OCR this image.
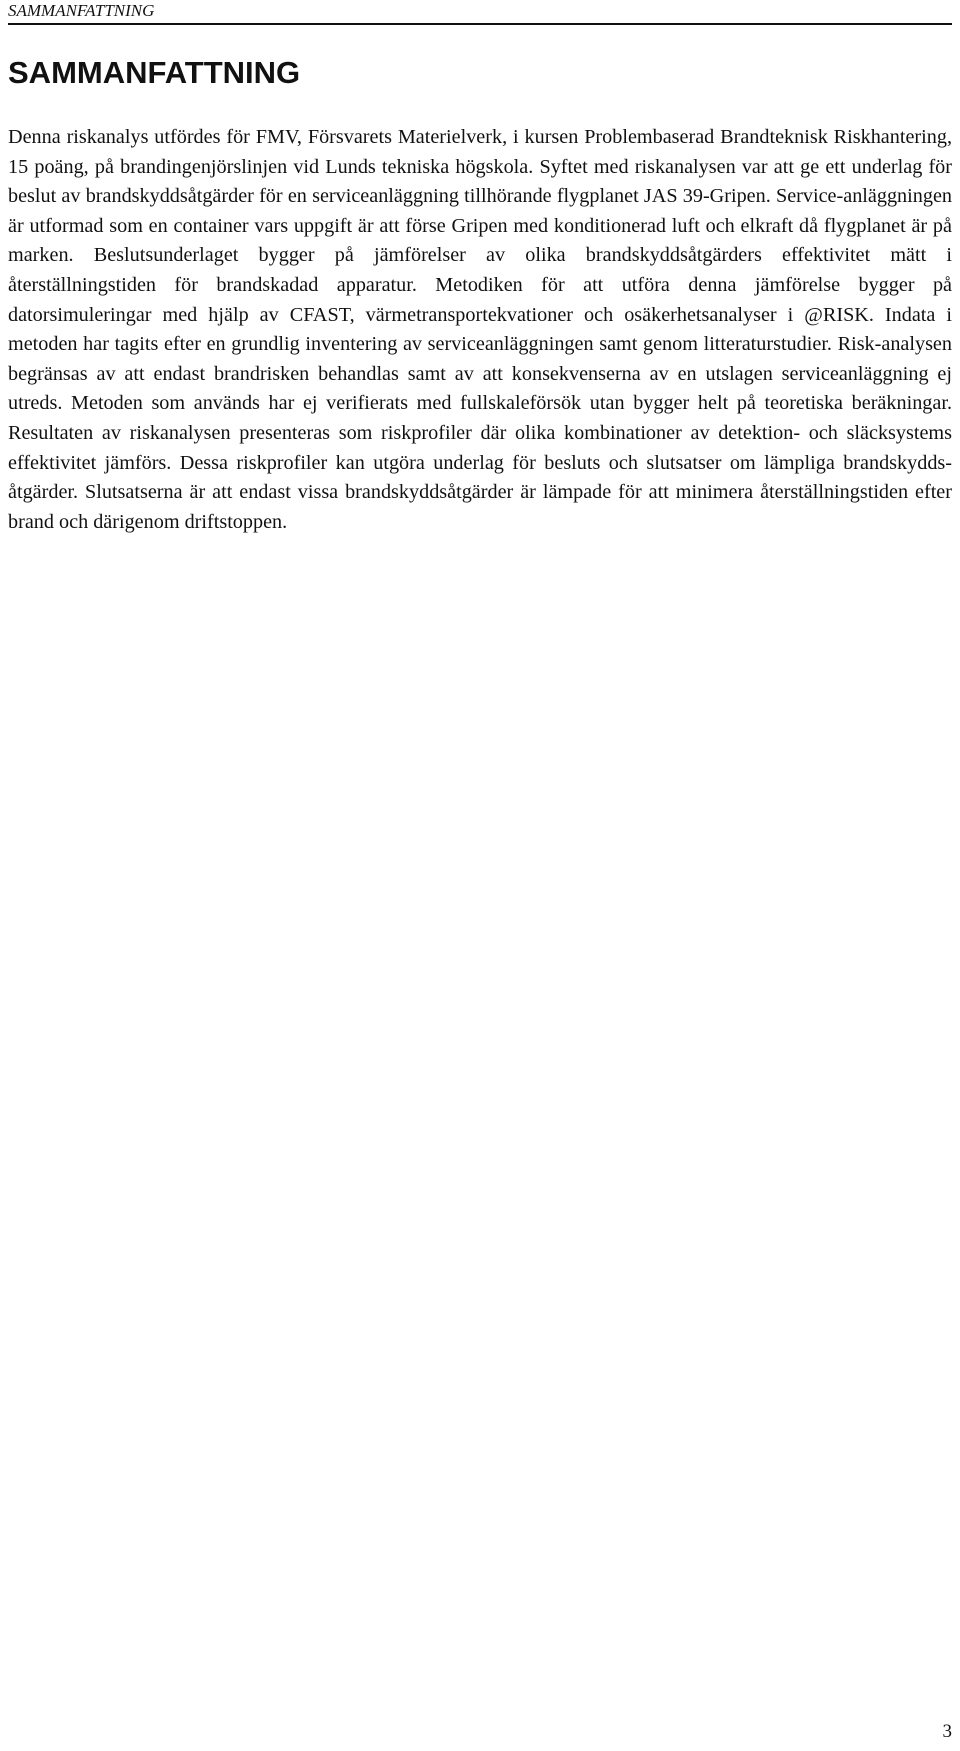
SAMMANFATTNING
SAMMANFATTNING

Denna riskanalys utfördes för FMV, Försvarets Materielverk, i kursen Problembaserad Brandteknisk Riskhantering, 15 poäng, på brandingenjörslinjen vid Lunds tekniska högskola. Syftet med riskanalysen var att ge ett underlag för beslut av brandskyddsåtgärder för en serviceanläggning tillhörande flygplanet JAS 39-Gripen. Service-anläggningen är utformad som en container vars uppgift är att förse Gripen med konditionerad luft och elkraft då flygplanet är på marken. Beslutsunderlaget bygger på jämförelser av olika brandskyddsåtgärders effektivitet mätt i återställningstiden för brandskadad apparatur. Metodiken för att utföra denna jämförelse bygger på datorsimuleringar med hjälp av CFAST, värmetransportekvationer och osäkerhetsanalyser i @RISK. Indata i metoden har tagits efter en grundlig inventering av serviceanläggningen samt genom litteraturstudier. Risk-analysen begränsas av att endast brandrisken behandlas samt av att konsekvenserna av en utslagen serviceanläggning ej utreds. Metoden som används har ej verifierats med fullskaleförsök utan bygger helt på teoretiska beräkningar. Resultaten av riskanalysen presenteras som riskprofiler där olika kombinationer av detektion- och släcksystems effektivitet jämförs. Dessa riskprofiler kan utgöra underlag för besluts och slutsatser om lämpliga brandskydds-åtgärder. Slutsatserna är att endast vissa brandskyddsåtgärder är lämpade för att minimera återställningstiden efter brand och därigenom driftstoppen.

3
